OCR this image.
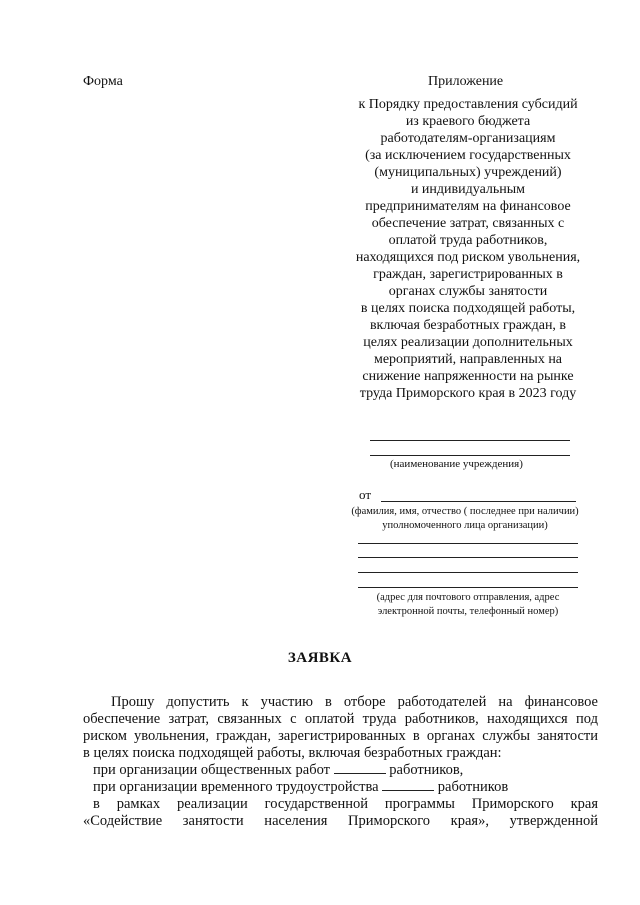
Форма	Приложение
к Порядку предоставления субсидий
из краевого бюджета
работодателям-организациям
(за исключением государственных
(муниципальных) учреждений)
и индивидуальным
предпринимателям на финансовое
обеспечение затрат, связанных с
оплатой труда работников,
находящихся под риском увольнения,
граждан, зарегистрированных в
органах службы занятости
в целях поиска подходящей работы,
включая безработных граждан, в
целях реализации дополнительных
мероприятий, направленных на
снижение напряженности на рынке
труда Приморского края в 2023 году
(наименование учреждения)
от
(фамилия, имя, отчество ( последнее при наличии)
уполномоченного лица организации)
(адрес для почтового отправления, адрес
электронной почты, телефонный номер)
ЗАЯВКА

Прошу допустить к участию в отборе работодателей на финансовое

обеспечение затрат, связанных с оплатой труда работников, находящихся под

риском увольнения, граждан, зарегистрированных в органах службы занятости

в целях поиска подходящей работы, включая безработных граждан:

при организации общественных работ	работников,

при организации временного трудоустройства	работников

в рамках реализации государственной программы Приморского края

«Содействие занятости населения Приморского края», утвержденной
